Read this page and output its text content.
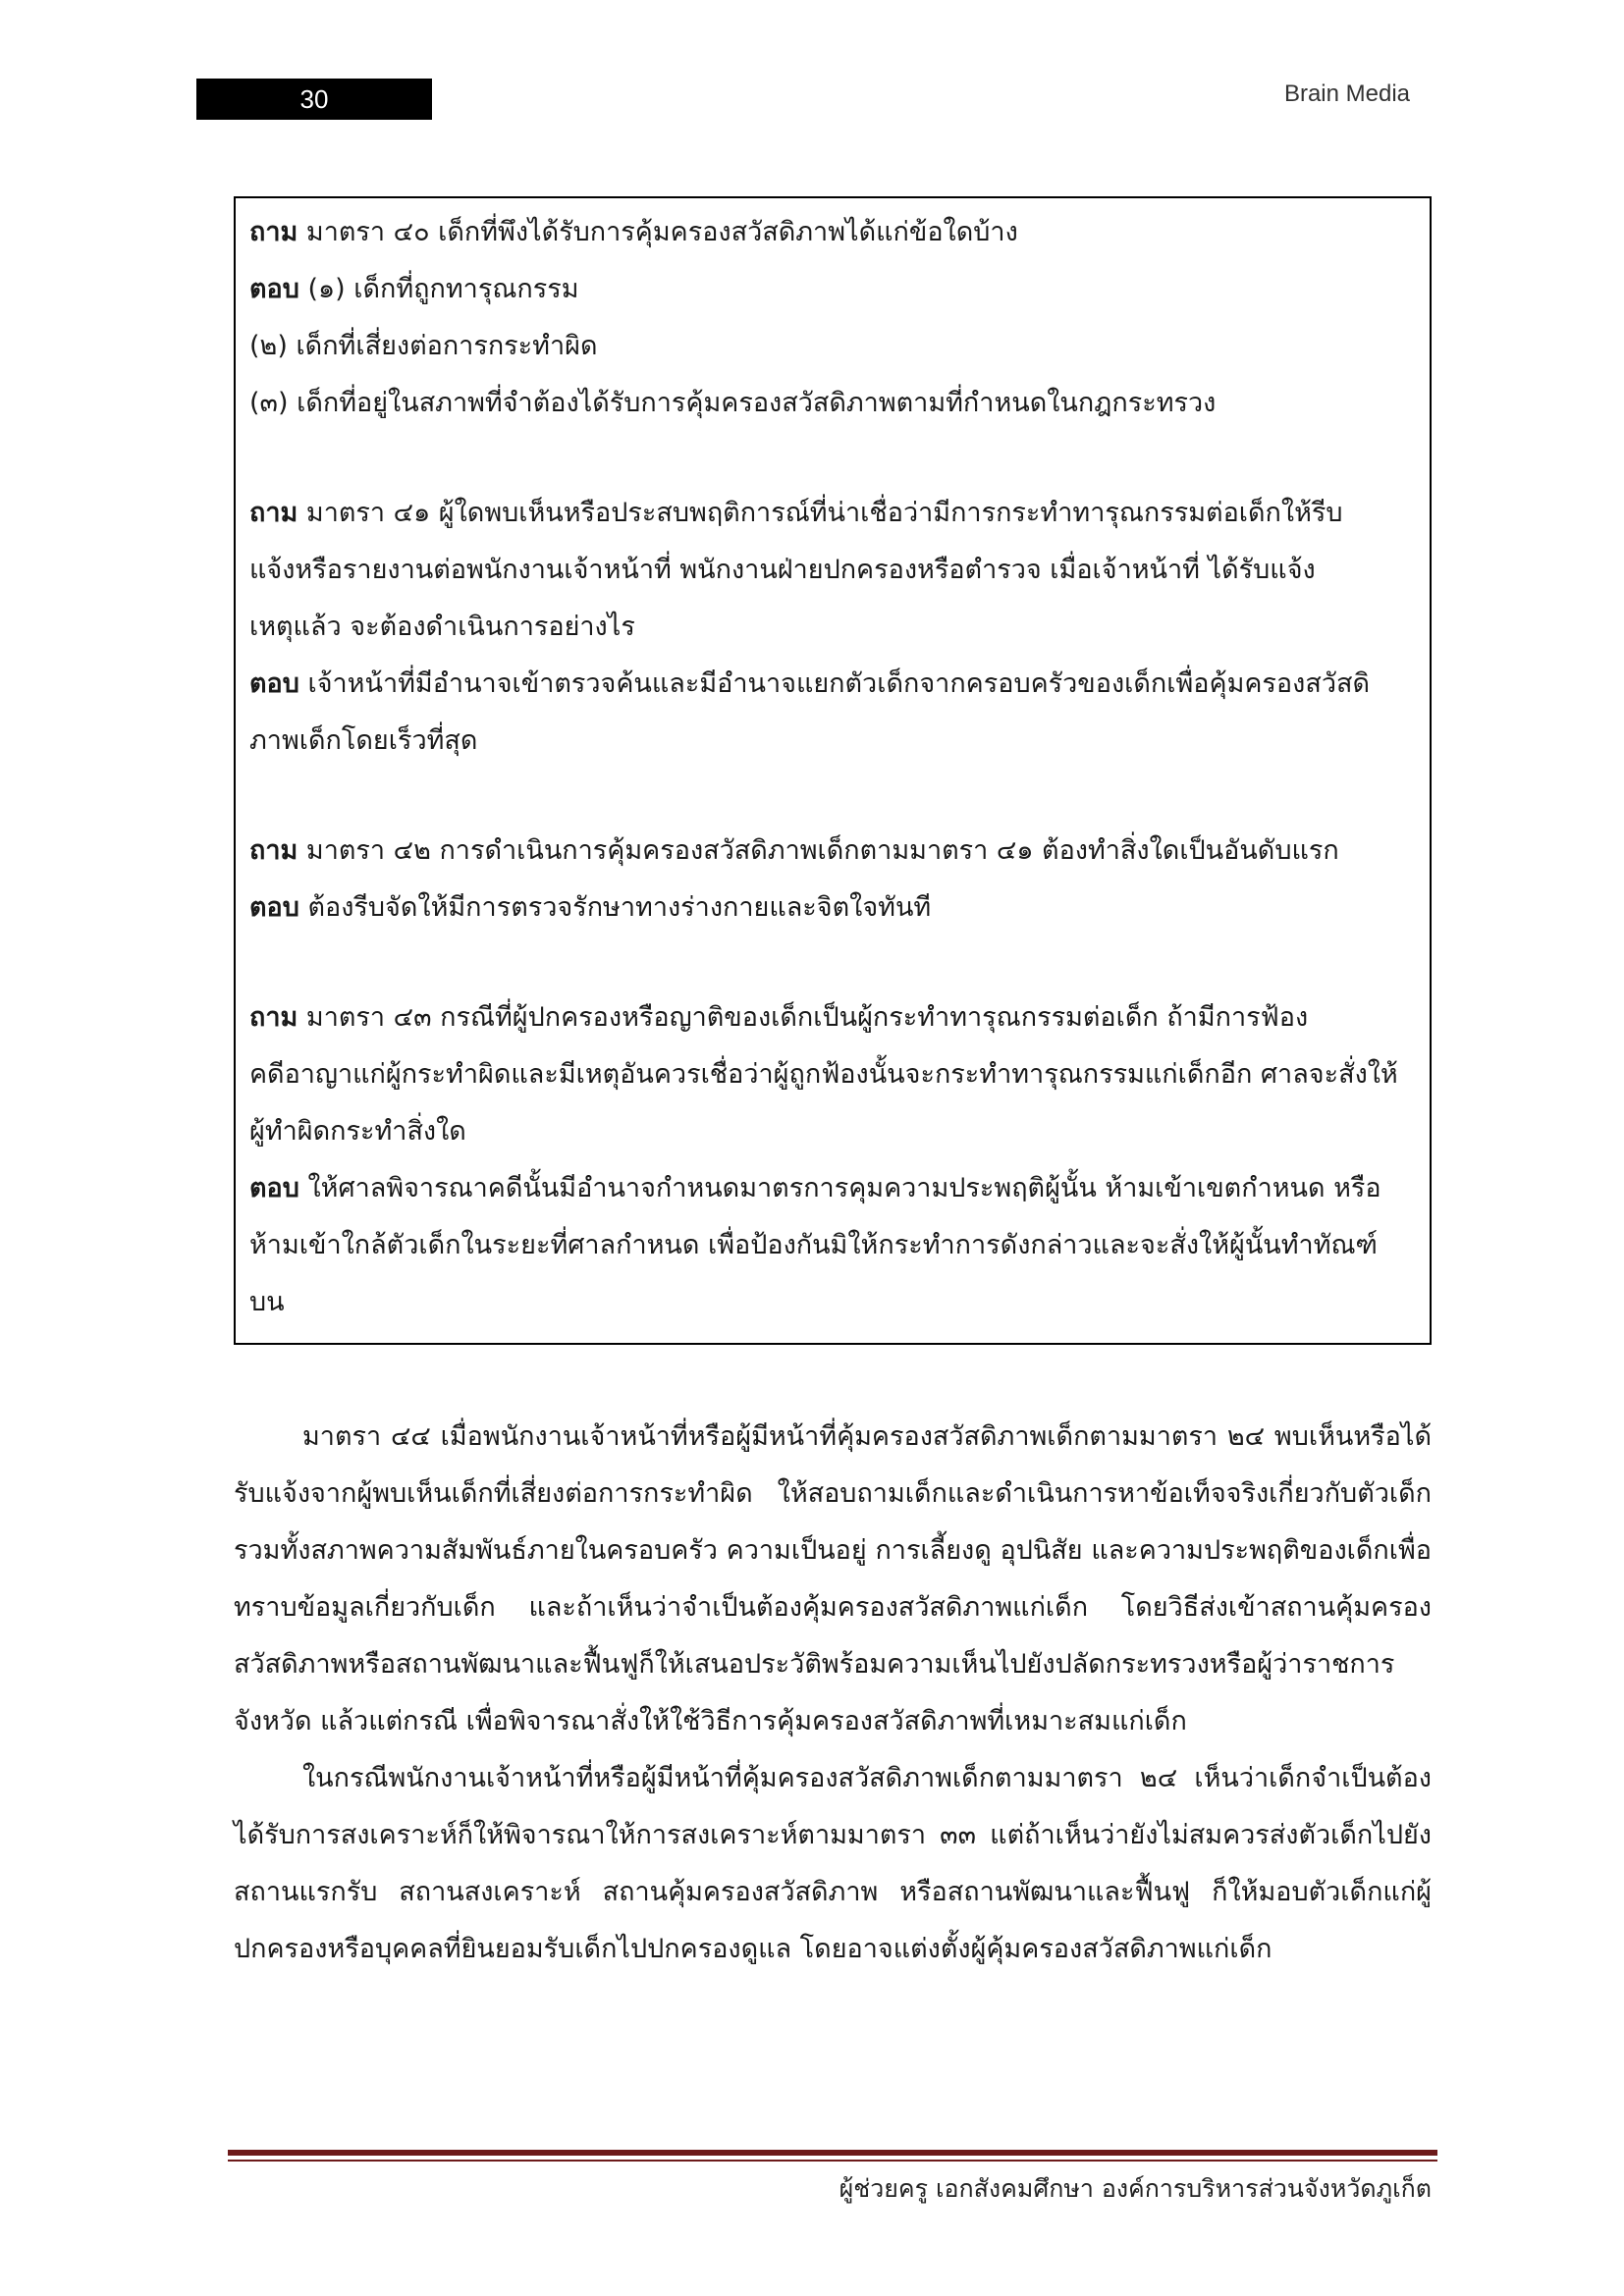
30	Brain Media

ถาม มาตรา ๔๐ เด็กที่พึงได้รับการคุ้มครองสวัสดิภาพได้แก่ข้อใดบ้าง

ตอบ (๑) เด็กที่ถูกทารุณกรรม

(๒) เด็กที่เสี่ยงต่อการกระทำผิด

(๓) เด็กที่อยู่ในสภาพที่จำต้องได้รับการคุ้มครองสวัสดิภาพตามที่กำหนดในกฎกระทรวง

ถาม มาตรา ๔๑ ผู้ใดพบเห็นหรือประสบพฤติการณ์ที่น่าเชื่อว่ามีการกระทำทารุณกรรมต่อเด็กให้รีบ

แจ้งหรือรายงานต่อพนักงานเจ้าหน้าที่ พนักงานฝ่ายปกครองหรือตำรวจ เมื่อเจ้าหน้าที่ ได้รับแจ้ง

เหตุแล้ว จะต้องดำเนินการอย่างไร

ตอบ เจ้าหน้าที่มีอำนาจเข้าตรวจค้นและมีอำนาจแยกตัวเด็กจากครอบครัวของเด็กเพื่อคุ้มครองสวัสดิ

ภาพเด็กโดยเร็วที่สุด

ถาม มาตรา ๔๒ การดำเนินการคุ้มครองสวัสดิภาพเด็กตามมาตรา ๔๑ ต้องทำสิ่งใดเป็นอันดับแรก

ตอบ ต้องรีบจัดให้มีการตรวจรักษาทางร่างกายและจิตใจทันที

ถาม มาตรา ๔๓ กรณีที่ผู้ปกครองหรือญาติของเด็กเป็นผู้กระทำทารุณกรรมต่อเด็ก ถ้ามีการฟ้อง

คดีอาญาแก่ผู้กระทำผิดและมีเหตุอันควรเชื่อว่าผู้ถูกฟ้องนั้นจะกระทำทารุณกรรมแก่เด็กอีก ศาลจะสั่งให้

ผู้ทำผิดกระทำสิ่งใด

ตอบ ให้ศาลพิจารณาคดีนั้นมีอำนาจกำหนดมาตรการคุมความประพฤติผู้นั้น ห้ามเข้าเขตกำหนด หรือ

ห้ามเข้าใกล้ตัวเด็กในระยะที่ศาลกำหนด เพื่อป้องกันมิให้กระทำการดังกล่าวและจะสั่งให้ผู้นั้นทำทัณฑ์

บน

มาตรา ๔๔ เมื่อพนักงานเจ้าหน้าที่หรือผู้มีหน้าที่คุ้มครองสวัสดิภาพเด็กตามมาตรา ๒๔ พบเห็นหรือได้รับแจ้งจากผู้พบเห็นเด็กที่เสี่ยงต่อการกระทำผิด ให้สอบถามเด็กและดำเนินการหาข้อเท็จจริงเกี่ยวกับตัวเด็ก รวมทั้งสภาพความสัมพันธ์ภายในครอบครัว ความเป็นอยู่ การเลี้ยงดู อุปนิสัย และความประพฤติของเด็กเพื่อทราบข้อมูลเกี่ยวกับเด็ก และถ้าเห็นว่าจำเป็นต้องคุ้มครองสวัสดิภาพแก่เด็ก โดยวิธีส่งเข้าสถานคุ้มครองสวัสดิภาพหรือสถานพัฒนาและฟื้นฟูก็ให้เสนอประวัติพร้อมความเห็นไปยังปลัดกระทรวงหรือผู้ว่าราชการจังหวัด แล้วแต่กรณี เพื่อพิจารณาสั่งให้ใช้วิธีการคุ้มครองสวัสดิภาพที่เหมาะสมแก่เด็ก

ในกรณีพนักงานเจ้าหน้าที่หรือผู้มีหน้าที่คุ้มครองสวัสดิภาพเด็กตามมาตรา ๒๔ เห็นว่าเด็กจำเป็นต้องได้รับการสงเคราะห์ก็ให้พิจารณาให้การสงเคราะห์ตามมาตรา ๓๓ แต่ถ้าเห็นว่ายังไม่สมควรส่งตัวเด็กไปยังสถานแรกรับ สถานสงเคราะห์ สถานคุ้มครองสวัสดิภาพ หรือสถานพัฒนาและฟื้นฟู ก็ให้มอบตัวเด็กแก่ผู้ปกครองหรือบุคคลที่ยินยอมรับเด็กไปปกครองดูแล โดยอาจแต่งตั้งผู้คุ้มครองสวัสดิภาพแก่เด็ก

ผู้ช่วยครู เอกสังคมศึกษา องค์การบริหารส่วนจังหวัดภูเก็ต
